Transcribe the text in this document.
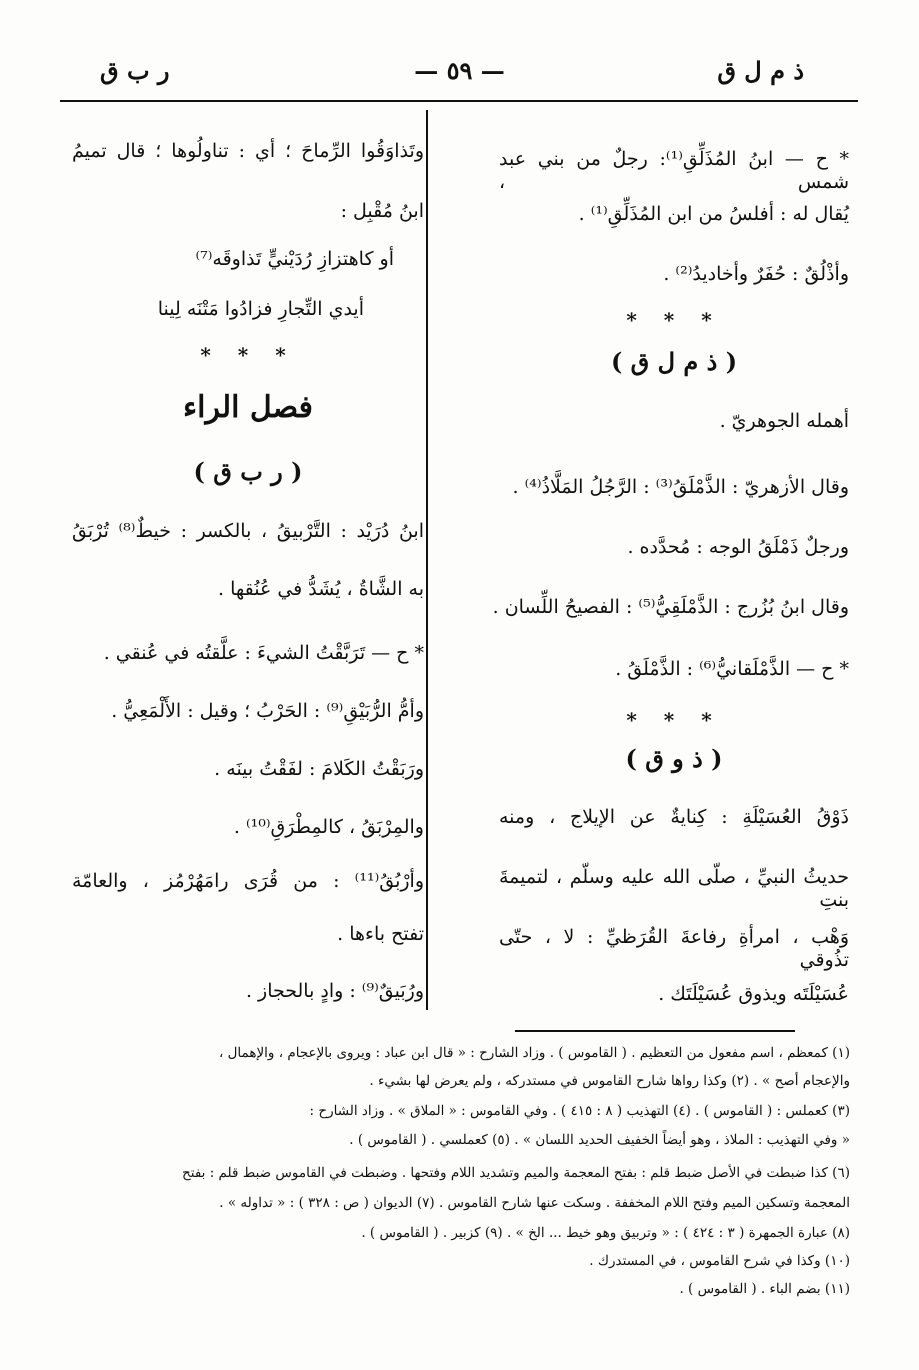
ذ م ل ق
— ٥٩ —
ر ب ق
* ح — ابنُ المُذَلِّقِ⁽¹⁾: رجلٌ من بني عبد شمس ،
يُقال له : أفلسُ من ابن المُذَلِّقِ⁽¹⁾ .
وأذْلُقٌ : حُفَرٌ وأخاديدُ⁽²⁾ .
* * *
( ذ م ل ق )
أهمله الجوهريّ .
وقال الأزهريّ : الذَّمْلَقُ⁽³⁾ : الرَّجُلُ المَلَّاذُ⁽⁴⁾ .
ورجلٌ ذَمْلَقُ الوجه : مُحدَّده .
وقال ابنُ بُزُرج : الذَّمْلَقِيُّ⁽⁵⁾ : الفصيحُ اللِّسان .
* ح — الذَّمْلَقانيُّ⁽⁶⁾ : الذَّمْلَقُ .
* * *
( ذ و ق )
ذَوْقُ العُسَيْلَةِ : كِنايةٌ عن الإيلاج ، ومنه
حديثُ النبيِّ ، صلّى الله عليه وسلّم ، لتميمةَ بنتِ
وَهْب ، امرأةِ رفاعةَ القُرَظيِّ : لا ، حتّى تذُوقي
عُسَيْلَتَه ويذوق عُسَيْلَتَك .
وتَذاوَقُوا الرِّماحَ ؛ أي : تناولُوها ؛ قال تميمُ
ابنُ مُقْبِل :
أو كاهتزازِ رُدَيْنيٍّ تَذاوقَه⁽⁷⁾
أيدي التِّجارِ فزادُوا مَتْنَه لِينا
* * *
فصل الراء
( ر ب ق )
ابنُ دُرَيْد : التَّرْبيقُ ، بالكسر : خيطٌ⁽⁸⁾ تُرْبَقُ
به الشَّاةُ ، يُشَدُّ في عُنُقها .
* ح — تَرَبَّقْتُ الشيءَ : علَّقتُه في عُنقي .
وأمُّ الرُّبَيْقِ⁽⁹⁾ : الحَرْبُ ؛ وقيل : الأَلْمَعِيُّ .
ورَبَقْتُ الكَلامَ : لفَقْتُ بينَه .
والمِرْبَقُ ، كالمِطْرَقِ⁽¹⁰⁾ .
وأرْبُقُ⁽¹¹⁾ : من قُرَى رامَهُرْمُز ، والعامّة
تفتح باءها .
ورُبَيقٌ⁽⁹⁾ : وادٍ بالحجاز .
(١) كمعظم ، اسم مفعول من التعظيم . ( القاموس ) . وزاد الشارح : « قال ابن عباد : ويروى بالإعجام ، والإهمال ،
والإعجام أصح » . (٢) وكذا رواها شارح القاموس في مستدركه ، ولم يعرض لها بشيء .
(٣) كعملس : ( القاموس ) . (٤) التهذيب ( ٨ : ٤١٥ ) . وفي القاموس : « الملاق » . وزاد الشارح :
« وفي التهذيب : الملاذ ، وهو أيضاً الخفيف الحديد اللسان » . (٥) كعملسي . ( القاموس ) .
(٦) كذا ضبطت في الأصل ضبط قلم : بفتح المعجمة والميم وتشديد اللام وفتحها . وضبطت في القاموس ضبط قلم : بفتح
المعجمة وتسكين الميم وفتح اللام المخففة . وسكت عنها شارح القاموس . (٧) الديوان ( ص : ٣٢٨ ) : « تداوله » .
(٨) عبارة الجمهرة ( ٣ : ٤٢٤ ) : « وتربيق وهو خيط ... الخ » . (٩) كزبير . ( القاموس ) .
(١٠) وكذا في شرح القاموس ، في المستدرك .
(١١) بضم الباء . ( القاموس ) .
